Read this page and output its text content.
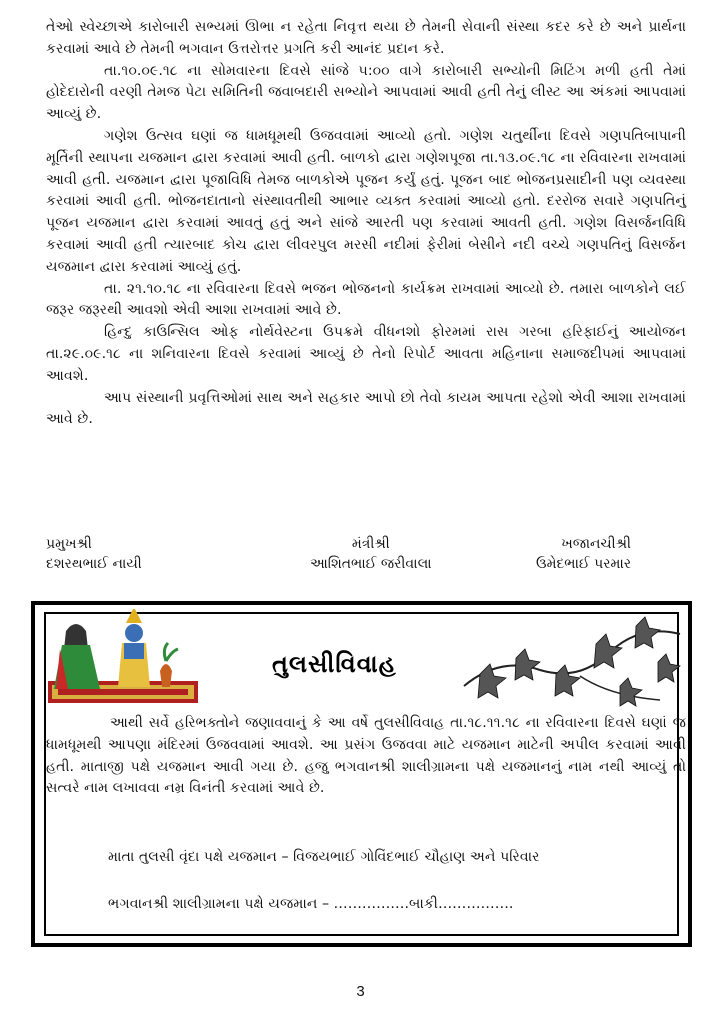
તેઓ સ્વેચ્છાએ કારોબારી સભ્યમાં ઊભા ન રહેતા નિવૃત્ત થયા છે તેમની સેવાની સંસ્થા કદર કરે છે અને પ્રાર્થના કરવામાં આવે છે તેમની ભગવાન ઉત્તરોત્તર પ્રગતિ કરી આનંદ પ્રદાન કરે.

તા.૧૦.૦૯.૧૮ ના સોમવારના દિવસે સાંજે ૫:૦૦ વાગે કારોબારી સભ્યોની મિટિંગ મળી હતી તેમાં હોદેદારોની વરણી તેમજ પેટા સમિતિની જવાબદારી સભ્યોને આપવામાં આવી હતી તેનું લીસ્ટ આ અંકમાં આપવામાં આવ્યું છે.

ગણેશ ઉત્સવ ઘણાં જ ધામધૂમથી ઉજવવામાં આવ્યો હતો. ગણેશ ચતુર્થીના દિવસે ગણપતિબાપાની મૂર્તિની સ્થાપના યજમાન દ્વારા કરવામાં આવી હતી. બાળકો દ્વારા ગણેશપૂજા તા.૧૩.૦૯.૧૮ ના રવિવારના રાખવામાં આવી હતી. યજમાન દ્વારા પૂજાવિધિ તેમજ બાળકોએ પૂજન કર્યું હતું. પૂજન બાદ ભોજનપ્રસાદીની પણ વ્યવસ્થા કરવામાં આવી હતી. ભોજનદાતાનો સંસ્થાવતીથી આભાર વ્યક્ત કરવામાં આવ્યો હતો. દરરોજ સવારે ગણપતિનું પૂજન યજમાન દ્વારા કરવામાં આવતું હતું અને સાંજે આરતી પણ કરવામાં આવતી હતી. ગણેશ વિસર્જનવિધિ કરવામાં આવી હતી ત્યારબાદ કોચ દ્વારા લીવરપુલ મરસી નદીમાં ફેરીમાં બેસીને નદી વચ્ચે ગણપતિનું વિસર્જન યજમાન દ્વારા કરવામાં આવ્યું હતું.

તા. ૨૧.૧૦.૧૮ ના રવિવારના દિવસે ભજન ભોજનનો કાર્યક્રમ રાખવામાં આવ્યો છે. તમારા બાળકોને લઈ જરૂર જરૂરથી આવશો એવી આશા રાખવામાં આવે છે.

હિન્દુ કાઉન્સિલ ઓફ નોર્થવેસ્ટના ઉપક્રમે વીધનશો ફોરમમાં રાસ ગરબા હરિફાઈનું આયોજન તા.૨૯.૦૯.૧૮ ના શનિવારના દિવસે કરવામાં આવ્યું છે તેનો રિપોર્ટ આવતા મહિનાના સમાજદીપમાં આપવામાં આવશે.

આપ સંસ્થાની પ્રવૃત્તિઓમાં સાથ અને સહકાર આપો છો તેવો કાયમ આપતા રહેશો એવી આશા રાખવામાં આવે છે.

પ્રમુખશ્રી
દશરથભાઈ નાયી
મંત્રીશ્રી
આશિતભાઈ જરીવાલા
ખજાનચીશ્રી
ઉમેદભાઈ પરમાર
તુલસીવિવાહ

આથી સર્વે હરિભક્તોને જણાવવાનું કે આ વર્ષે તુલસીવિવાહ તા.૧૮.૧૧.૧૮ ના રવિવારના દિવસે ઘણાં જ ધામધૂમથી આપણા મંદિરમાં ઉજવવામાં આવશે. આ પ્રસંગ ઉજવવા માટે યજમાન માટેની અપીલ કરવામાં આવી હતી. માતાજી પક્ષે યજમાન આવી ગયા છે. હજુ ભગવાનશ્રી શાલીગ્રામના પક્ષે યજમાનનું નામ નથી આવ્યું તો સત્વરે નામ લખાવવા નમ્ર વિનંતી કરવામાં આવે છે.

માતા તુલસી વૃંદા પક્ષે યજમાન – વિજયભાઈ ગોવિંદભાઈ ચૌહાણ અને પરિવાર
ભગવાનશ્રી શાલીગ્રામના પક્ષે યજમાન – …………….બાકી…………….
3
